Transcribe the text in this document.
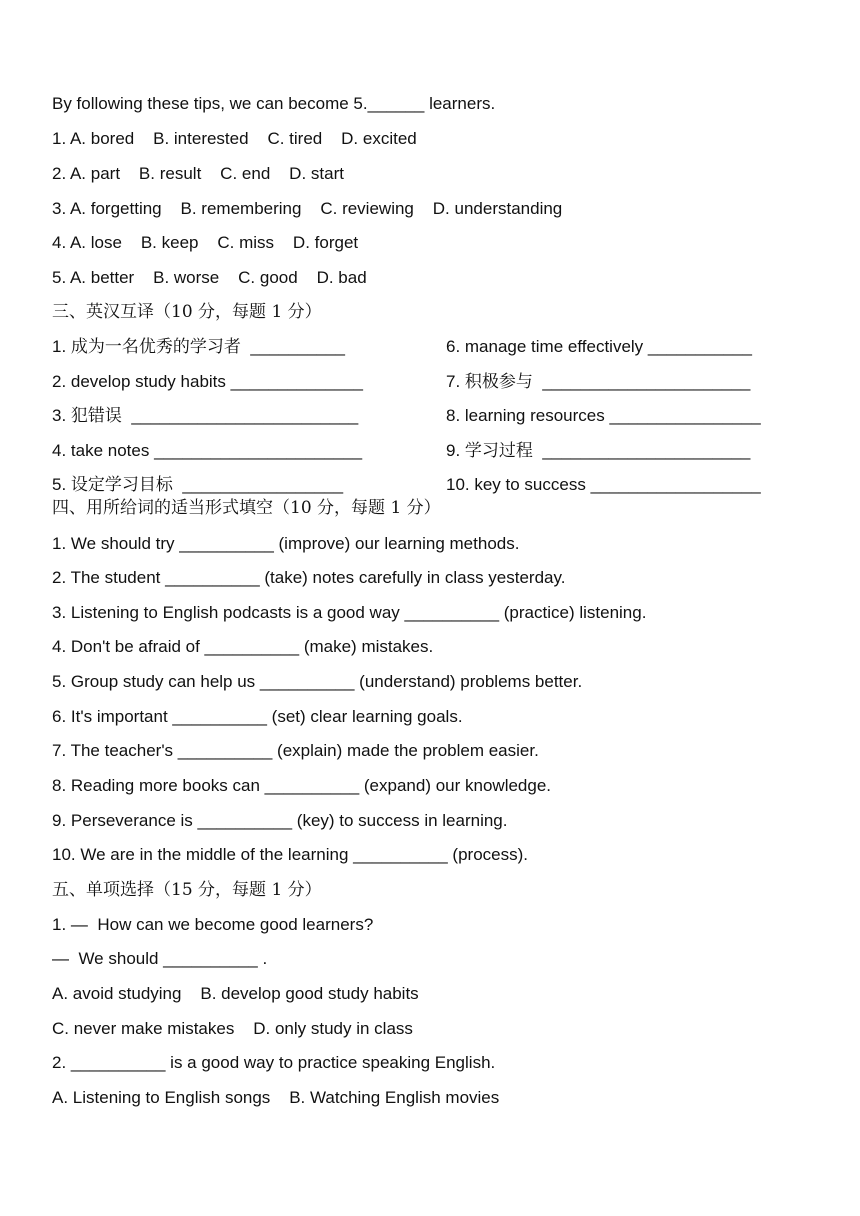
By following these tips, we can become 5.______ learners.
1. A. bored    B. interested    C. tired    D. excited
2. A. part    B. result    C. end    D. start
3. A. forgetting    B. remembering    C. reviewing    D. understanding
4. A. lose    B. keep    C. miss    D. forget
5. A. better    B. worse    C. good    D. bad
三、英汉互译（10 分，每题 1 分）
1. 成为一名优秀的学习者  __________	6. manage time effectively ___________
2. develop study habits ______________	7. 积极参与  ______________________
3. 犯错误  ________________________	8. learning resources ________________
4. take notes ______________________	9. 学习过程  ______________________
5. 设定学习目标  _________________	10. key to success __________________
四、用所给词的适当形式填空（10 分，每题 1 分）
1. We should try __________ (improve) our learning methods.
2. The student __________ (take) notes carefully in class yesterday.
3. Listening to English podcasts is a good way __________ (practice) listening.
4. Don't be afraid of __________ (make) mistakes.
5. Group study can help us __________ (understand) problems better.
6. It's important __________ (set) clear learning goals.
7. The teacher's __________ (explain) made the problem easier.
8. Reading more books can __________ (expand) our knowledge.
9. Perseverance is __________ (key) to success in learning.
10. We are in the middle of the learning __________ (process).
五、单项选择（15 分，每题 1 分）
1. —  How can we become good learners?
—  We should __________ .
A. avoid studying    B. develop good study habits
C. never make mistakes    D. only study in class
2. __________ is a good way to practice speaking English.
A. Listening to English songs    B. Watching English movies
